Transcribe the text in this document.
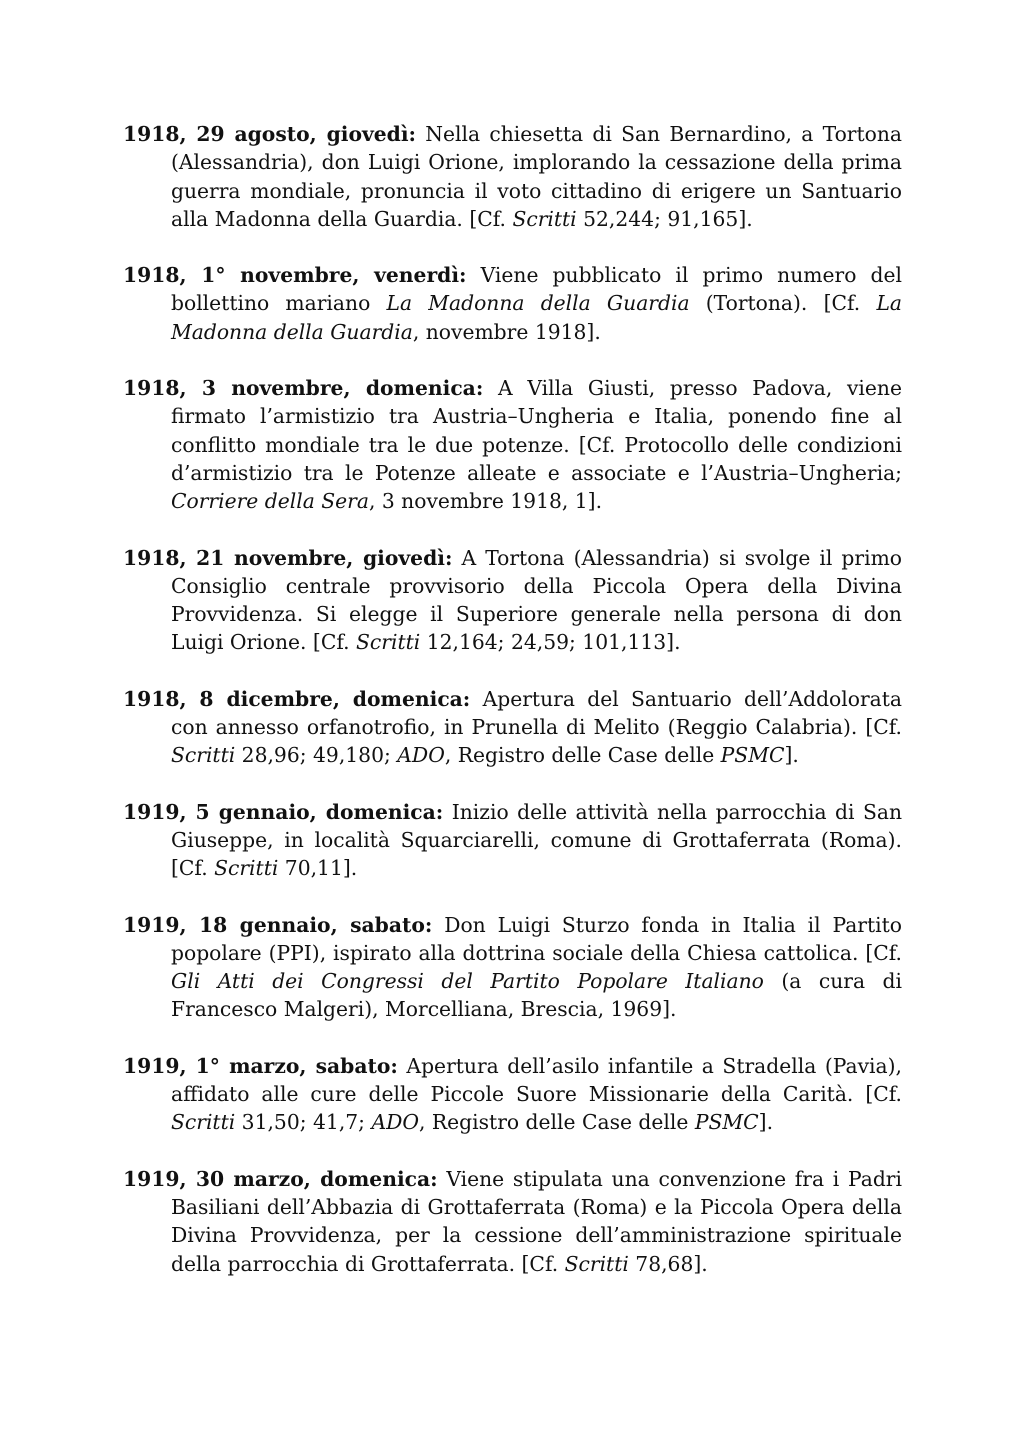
1918, 29 agosto, giovedì: Nella chiesetta di San Bernardino, a Tortona (Alessandria), don Luigi Orione, implorando la cessazione della prima guerra mondiale, pronuncia il voto cittadino di erigere un Santuario alla Madonna della Guardia. [Cf. Scritti 52,244; 91,165].

1918, 1° novembre, venerdì: Viene pubblicato il primo numero del bollettino mariano La Madonna della Guardia (Tortona). [Cf. La Madonna della Guardia, novembre 1918].

1918, 3 novembre, domenica: A Villa Giusti, presso Padova, viene firmato l’armistizio tra Austria–Ungheria e Italia, ponendo fine al conflitto mondiale tra le due potenze. [Cf. Protocollo delle condizioni d’armistizio tra le Potenze alleate e associate e l’Austria–Ungheria; Corriere della Sera, 3 novembre 1918, 1].

1918, 21 novembre, giovedì: A Tortona (Alessandria) si svolge il primo Consiglio centrale provvisorio della Piccola Opera della Divina Provvidenza. Si elegge il Superiore generale nella persona di don Luigi Orione. [Cf. Scritti 12,164; 24,59; 101,113].

1918, 8 dicembre, domenica: Apertura del Santuario dell’Addolorata con annesso orfanotrofio, in Prunella di Melito (Reggio Calabria). [Cf. Scritti 28,96; 49,180; ADO, Registro delle Case delle PSMC].

1919, 5 gennaio, domenica: Inizio delle attività nella parrocchia di San Giuseppe, in località Squarciarelli, comune di Grottaferrata (Roma). [Cf. Scritti 70,11].

1919, 18 gennaio, sabato: Don Luigi Sturzo fonda in Italia il Partito popolare (PPI), ispirato alla dottrina sociale della Chiesa cattolica. [Cf. Gli Atti dei Congressi del Partito Popolare Italiano (a cura di Francesco Malgeri), Morcelliana, Brescia, 1969].

1919, 1° marzo, sabato: Apertura dell’asilo infantile a Stradella (Pavia), affidato alle cure delle Piccole Suore Missionarie della Carità. [Cf. Scritti 31,50; 41,7; ADO, Registro delle Case delle PSMC].

1919, 30 marzo, domenica: Viene stipulata una convenzione fra i Padri Basiliani dell’Abbazia di Grottaferrata (Roma) e la Piccola Opera della Divina Provvidenza, per la cessione dell’amministrazione spirituale della parrocchia di Grottaferrata. [Cf. Scritti 78,68].
